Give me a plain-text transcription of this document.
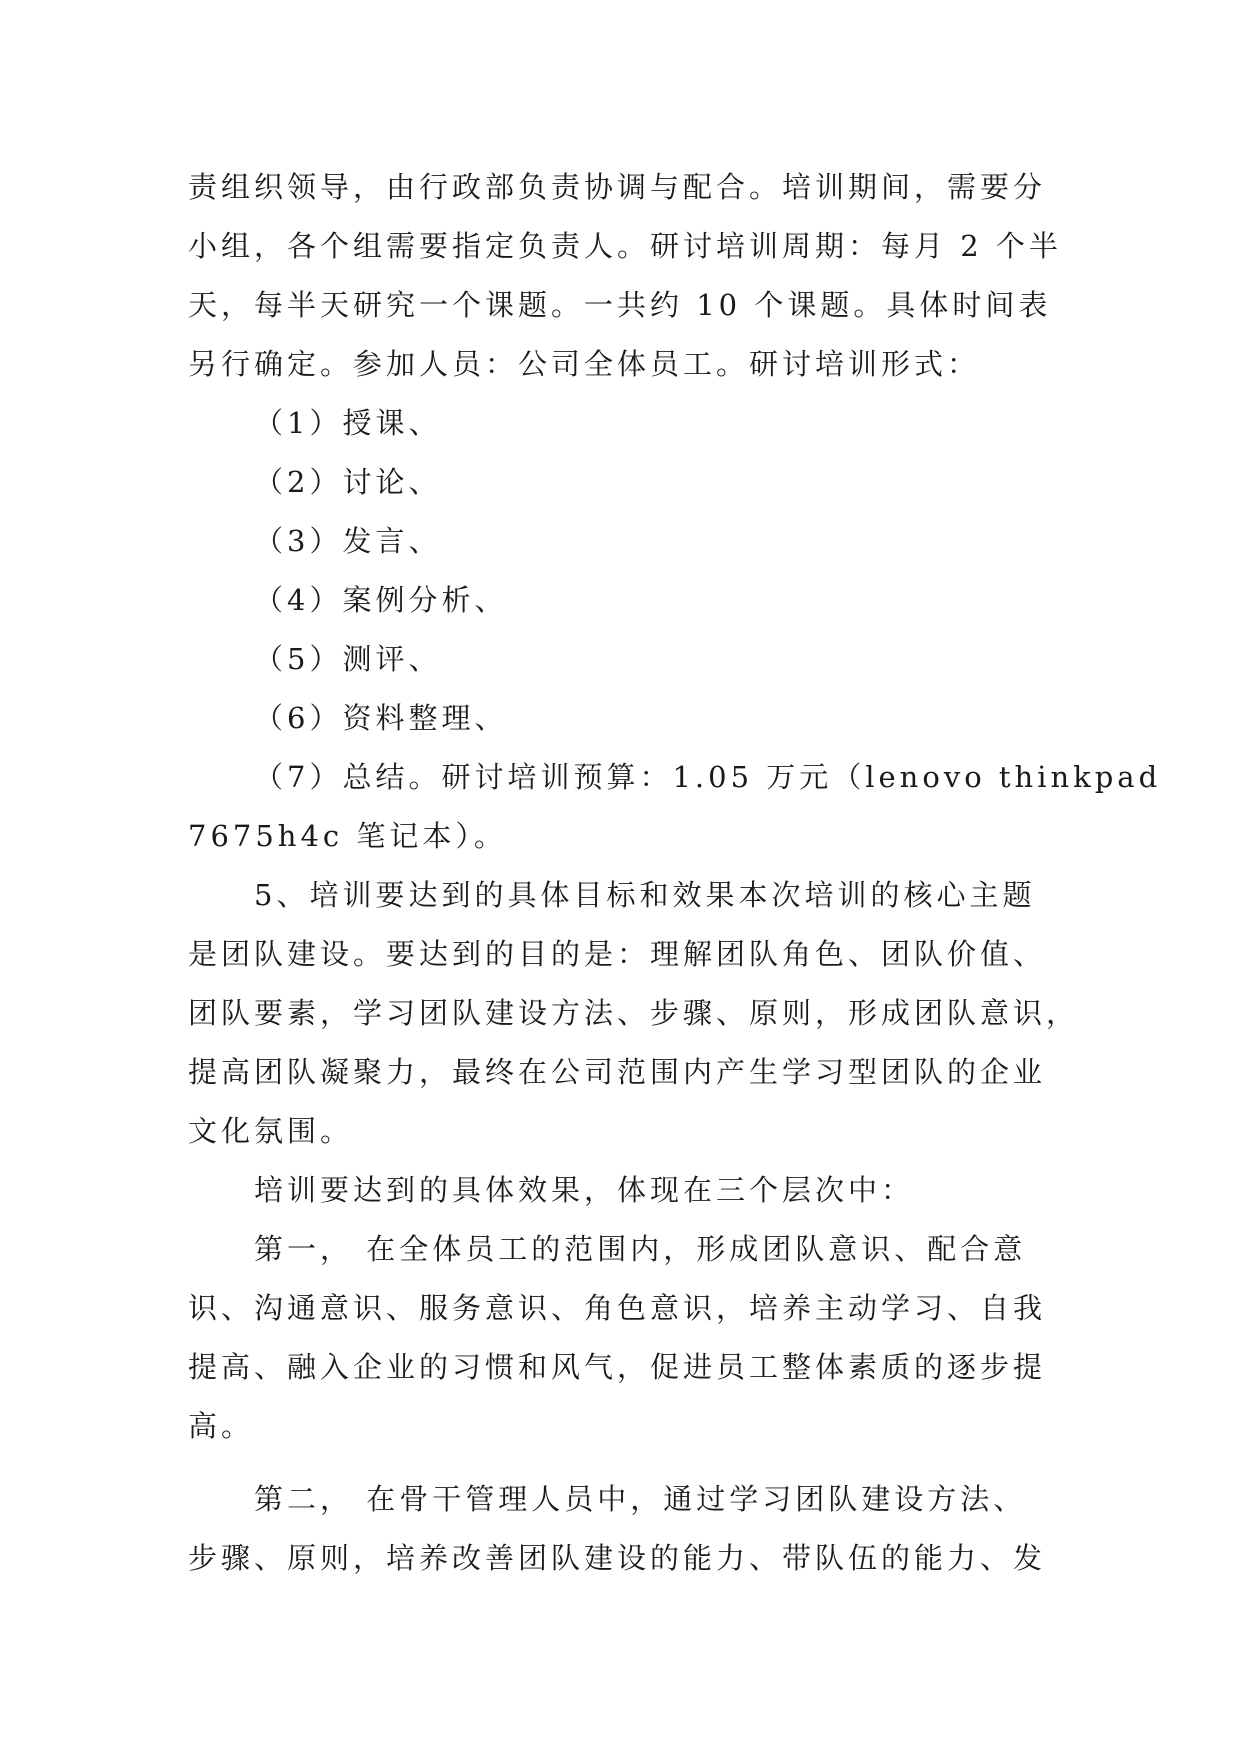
责组织领导，由行政部负责协调与配合。培训期间，需要分
小组，各个组需要指定负责人。研讨培训周期：每月 2 个半
天，每半天研究一个课题。一共约 10 个课题。具体时间表
另行确定。参加人员：公司全体员工。研讨培训形式：
（1）授课、
（2）讨论、
（3）发言、
（4）案例分析、
（5）测评、
（6）资料整理、
（7）总结。研讨培训预算：1.05 万元（lenovo thinkpad
7675h4c 笔记本）。
5、培训要达到的具体目标和效果本次培训的核心主题
是团队建设。要达到的目的是：理解团队角色、团队价值、
团队要素，学习团队建设方法、步骤、原则，形成团队意识，
提高团队凝聚力，最终在公司范围内产生学习型团队的企业
文化氛围。
培训要达到的具体效果，体现在三个层次中：
第一， 在全体员工的范围内，形成团队意识、配合意
识、沟通意识、服务意识、角色意识，培养主动学习、自我
提高、融入企业的习惯和风气，促进员工整体素质的逐步提
高。
第二， 在骨干管理人员中，通过学习团队建设方法、
步骤、原则，培养改善团队建设的能力、带队伍的能力、发
